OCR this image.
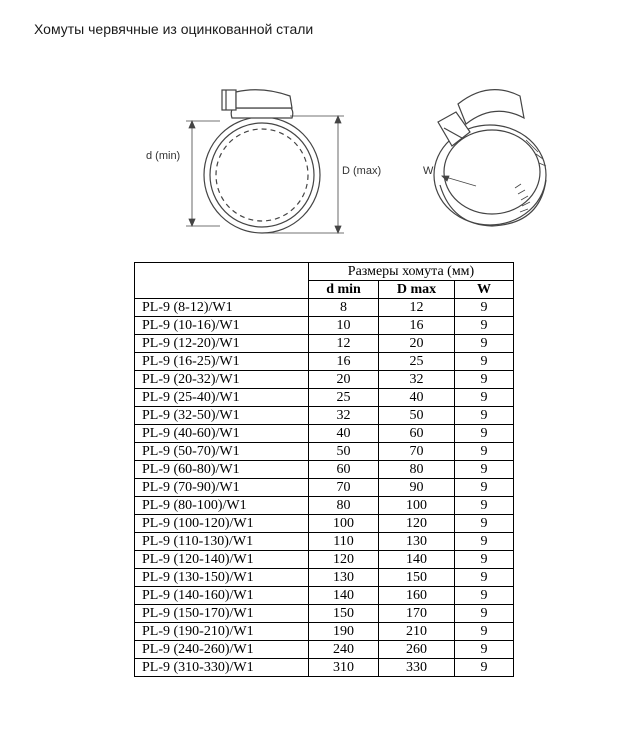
Хомуты червячные из оцинкованной стали
d (min)
D (max)	W
	Размеры хомута (мм)		
	d min	D max	W
PL-9 (8-12)/W1	8	12	9
PL-9 (10-16)/W1	10	16	9
PL-9 (12-20)/W1	12	20	9
PL-9 (16-25)/W1	16	25	9
PL-9 (20-32)/W1	20	32	9
PL-9 (25-40)/W1	25	40	9
PL-9 (32-50)/W1	32	50	9
PL-9 (40-60)/W1	40	60	9
PL-9 (50-70)/W1	50	70	9
PL-9 (60-80)/W1	60	80	9
PL-9 (70-90)/W1	70	90	9
PL-9 (80-100)/W1	80	100	9
PL-9 (100-120)/W1	100	120	9
PL-9 (110-130)/W1	110	130	9
PL-9 (120-140)/W1	120	140	9
PL-9 (130-150)/W1	130	150	9
PL-9 (140-160)/W1	140	160	9
PL-9 (150-170)/W1	150	170	9
PL-9 (190-210)/W1	190	210	9
PL-9 (240-260)/W1	240	260	9
PL-9 (310-330)/W1	310	330	9
